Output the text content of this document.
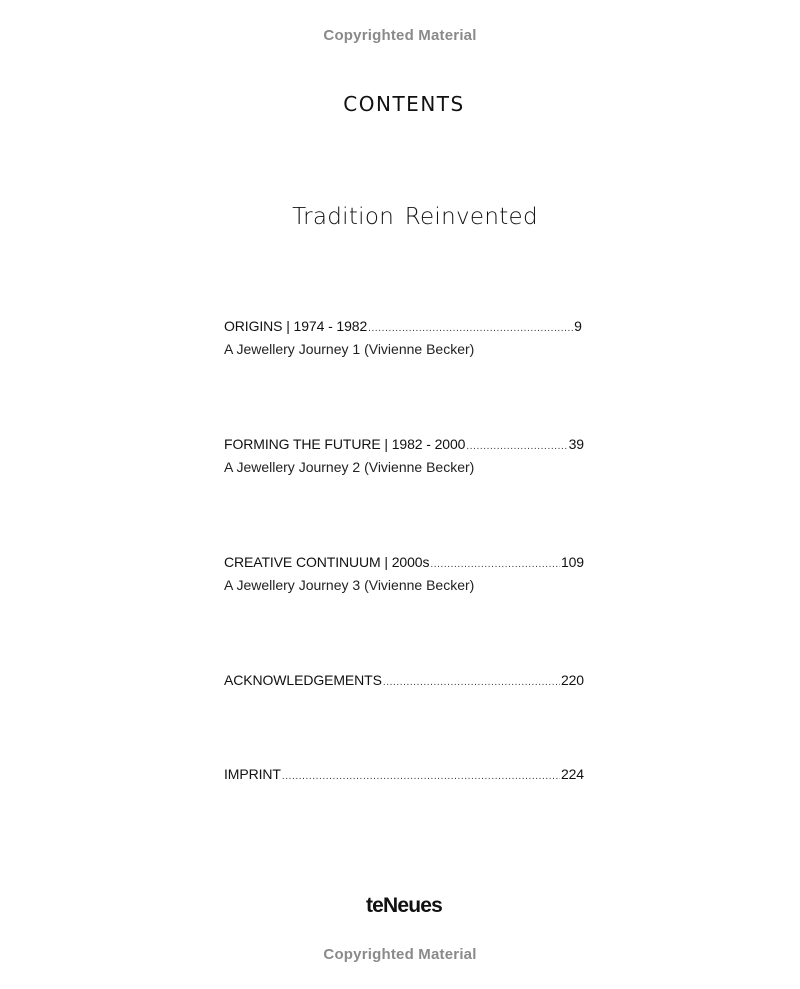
Copyrighted Material
CONTENTS
Tradition Reinvented
ORIGINS | 1974 - 1982 .....	9
A Jewellery Journey 1 (Vivienne Becker)
FORMING THE FUTURE | 1982 - 2000 .....	39
A Jewellery Journey 2 (Vivienne Becker)
CREATIVE CONTINUUM | 2000s .....	109
A Jewellery Journey 3 (Vivienne Becker)
ACKNOWLEDGEMENTS .....	220
IMPRINT .....	224
teNeues
Copyrighted Material
